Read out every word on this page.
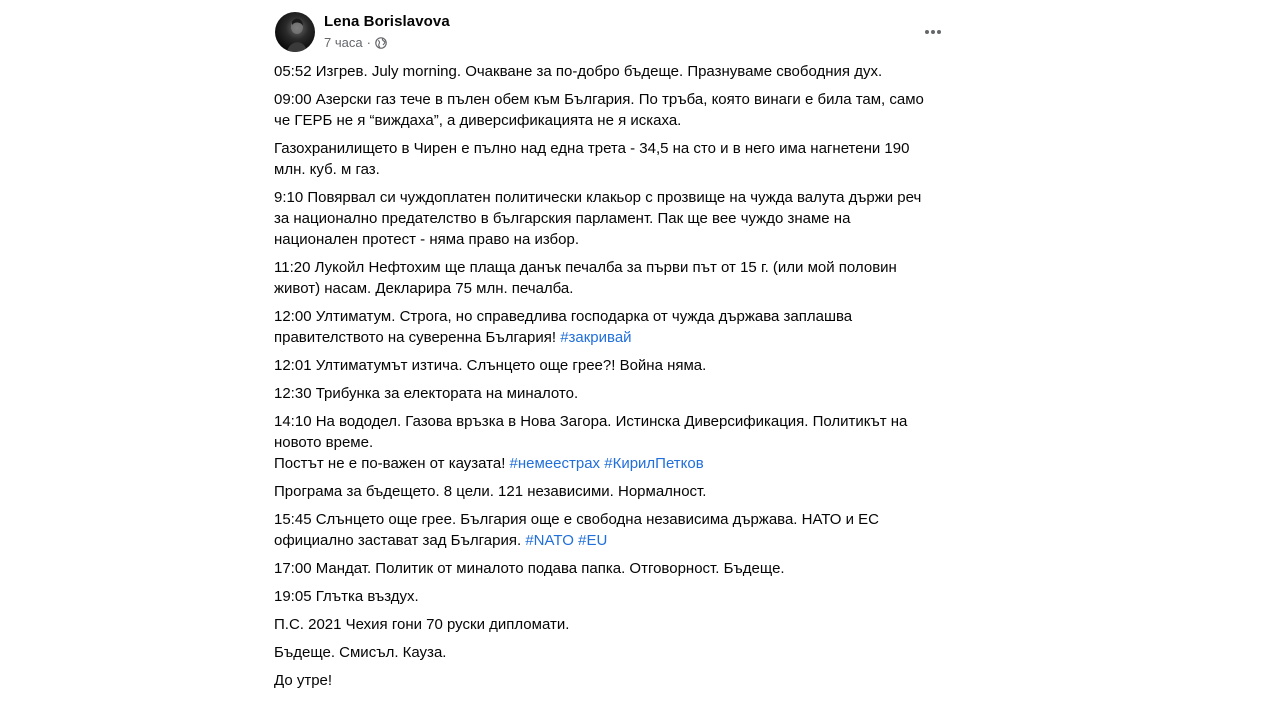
Lena Borislavova
7 часа ·

05:52 Изгрев. July morning. Очакване за по-добро бъдеще. Празнуваме свободния дух.

09:00 Азерски газ тече в пълен обем към България. По тръба, която винаги е била там, само
че ГЕРБ не я “виждаха”, а диверсификацията не я искаха.

Газохранилището в Чирен е пълно над една трета - 34,5 на сто и в него има нагнетени 190
млн. куб. м газ.

9:10 Повярвал си чуждоплатен политически клакьор с прозвище на чужда валута държи реч
за национално предателство в българския парламент. Пак ще вее чуждо знаме на
национален протест - няма право на избор.

11:20 Лукойл Нефтохим ще плаща данък печалба за първи път от 15 г. (или мой половин
живот) насам. Декларира 75 млн. печалба.

12:00 Ултиматум. Строга, но справедлива господарка от чужда държава заплашва
правителството на суверенна България! #закривай

12:01 Ултиматумът изтича. Слънцето още грее?! Война няма.

12:30 Трибунка за електората на миналото.

14:10 На вододел. Газова връзка в Нова Загора. Истинска Диверсификация. Политикът на
новото време.
Постът не е по-важен от каузата! #немеестрах #КирилПетков

Програма за бъдещето. 8 цели. 121 независими. Нормалност.

15:45 Слънцето още грее. България още е свободна независима държава. НАТО и ЕС
официално застават зад България. #NATO #EU

17:00 Мандат. Политик от миналото подава папка. Отговорност. Бъдеще.

19:05 Глътка въздух.

П.С. 2021 Чехия гони 70 руски дипломати.

Бъдеще. Смисъл. Кауза.

До утре!
